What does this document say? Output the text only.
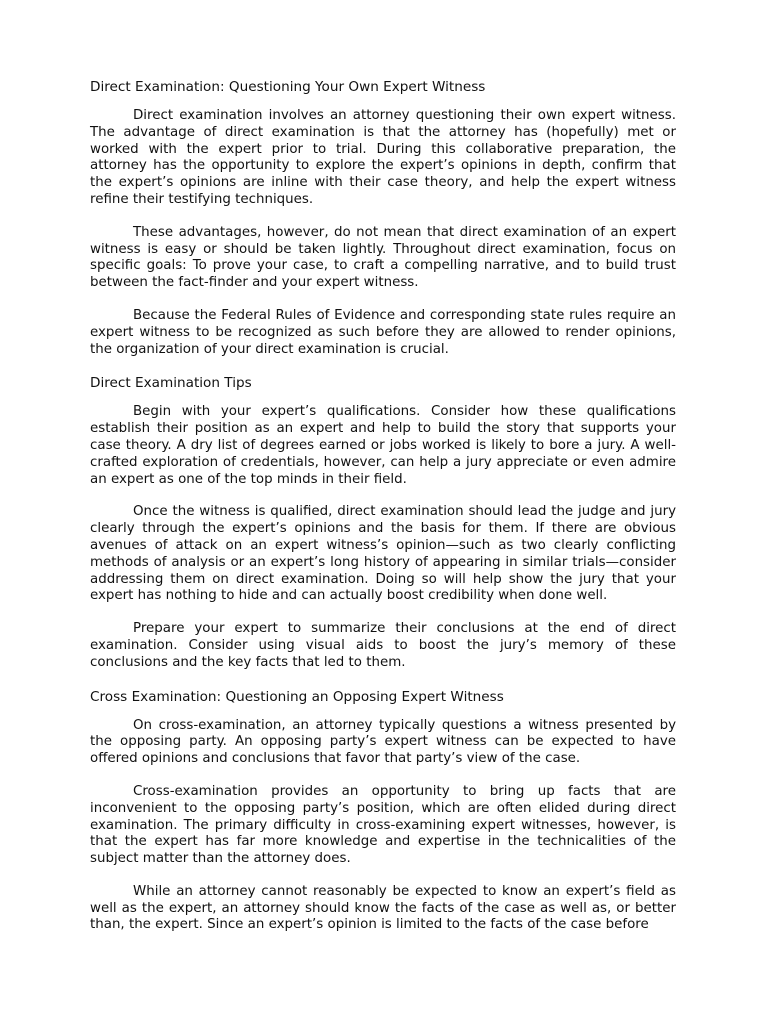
Direct Examination: Questioning Your Own Expert Witness

Direct examination involves an attorney questioning their own expert witness. The advantage of direct examination is that the attorney has (hopefully) met or worked with the expert prior to trial. During this collaborative preparation, the attorney has the opportunity to explore the expert’s opinions in depth, confirm that the expert’s opinions are inline with their case theory, and help the expert witness refine their testifying techniques.

These advantages, however, do not mean that direct examination of an expert witness is easy or should be taken lightly. Throughout direct examination, focus on specific goals: To prove your case, to craft a compelling narrative, and to build trust between the fact-finder and your expert witness.

Because the Federal Rules of Evidence and corresponding state rules require an expert witness to be recognized as such before they are allowed to render opinions, the organization of your direct examination is crucial.

Direct Examination Tips

Begin with your expert’s qualifications. Consider how these qualifications establish their position as an expert and help to build the story that supports your case theory. A dry list of degrees earned or jobs worked is likely to bore a jury. A well-crafted exploration of credentials, however, can help a jury appreciate or even admire an expert as one of the top minds in their field.

Once the witness is qualified, direct examination should lead the judge and jury clearly through the expert’s opinions and the basis for them. If there are obvious avenues of attack on an expert witness’s opinion—such as two clearly conflicting methods of analysis or an expert’s long history of appearing in similar trials—consider addressing them on direct examination. Doing so will help show the jury that your expert has nothing to hide and can actually boost credibility when done well.

Prepare your expert to summarize their conclusions at the end of direct examination. Consider using visual aids to boost the jury’s memory of these conclusions and the key facts that led to them.

Cross Examination: Questioning an Opposing Expert Witness

On cross-examination, an attorney typically questions a witness presented by the opposing party. An opposing party’s expert witness can be expected to have offered opinions and conclusions that favor that party’s view of the case.

Cross-examination provides an opportunity to bring up facts that are inconvenient to the opposing party’s position, which are often elided during direct examination. The primary difficulty in cross-examining expert witnesses, however, is that the expert has far more knowledge and expertise in the technicalities of the subject matter than the attorney does.

While an attorney cannot reasonably be expected to know an expert’s field as well as the expert, an attorney should know the facts of the case as well as, or better than, the expert. Since an expert’s opinion is limited to the facts of the case before
